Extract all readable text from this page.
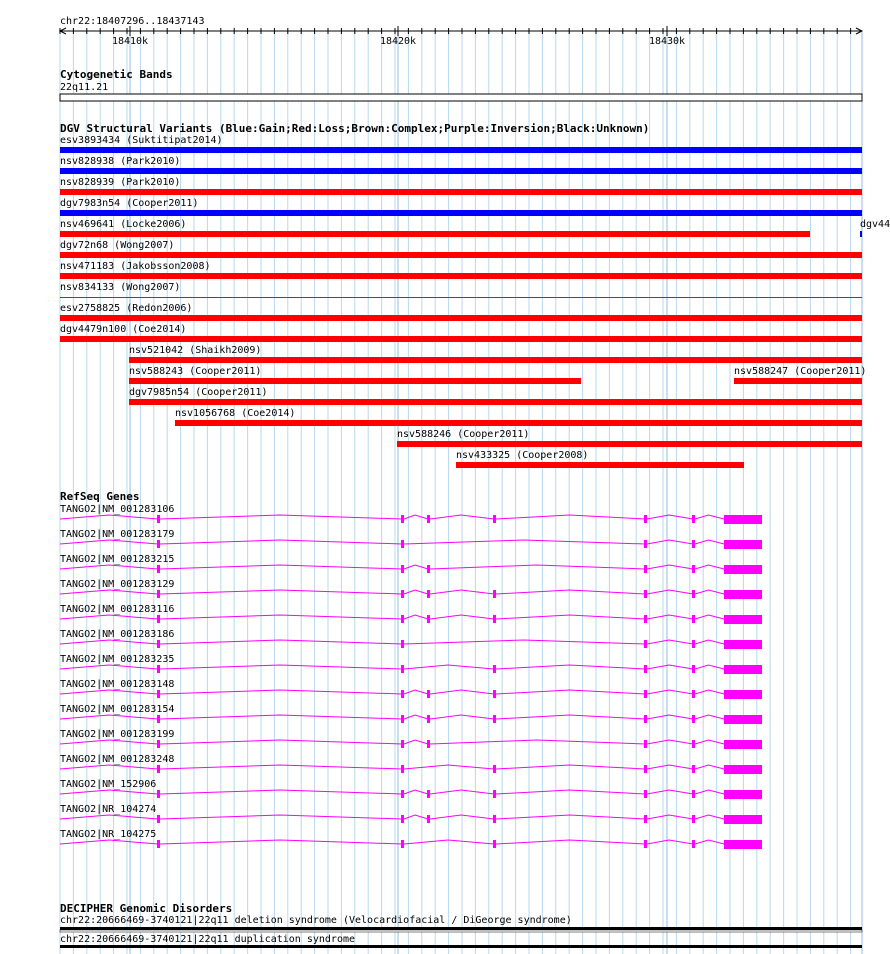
chr22:18407296..18437143
18410k	18420k	18430k
Cytogenetic Bands
22q11.21
DGV Structural Variants (Blue:Gain;Red:Loss;Brown:Complex;Purple:Inversion;Black:Unknown)
esv3893434 (Suktitipat2014)
nsv828938 (Park2010)
nsv828939 (Park2010)
dgv7983n54 (Cooper2011)
nsv469641 (Locke2006)	dgv44
dgv72n68 (Wong2007)
nsv471183 (Jakobsson2008)
nsv834133 (Wong2007)
esv2758825 (Redon2006)
dgv4479n100 (Coe2014)
nsv521042 (Shaikh2009)
nsv588243 (Cooper2011)	nsv588247 (Cooper2011)
dgv7985n54 (Cooper2011)
nsv1056768 (Coe2014)
nsv588246 (Cooper2011)
nsv433325 (Cooper2008)
RefSeq Genes
TANGO2|NM_001283106
TANGO2|NM_001283179
TANGO2|NM_001283215
TANGO2|NM_001283129
TANGO2|NM_001283116
TANGO2|NM_001283186
TANGO2|NM_001283235
TANGO2|NM_001283148
TANGO2|NM_001283154
TANGO2|NM_001283199
TANGO2|NM_001283248
TANGO2|NM_152906
TANGO2|NR_104274
TANGO2|NR_104275
DECIPHER Genomic Disorders
chr22:20666469-3740121|22q11 deletion syndrome (Velocardiofacial / DiGeorge syndrome)
chr22:20666469-3740121|22q11 duplication syndrome
